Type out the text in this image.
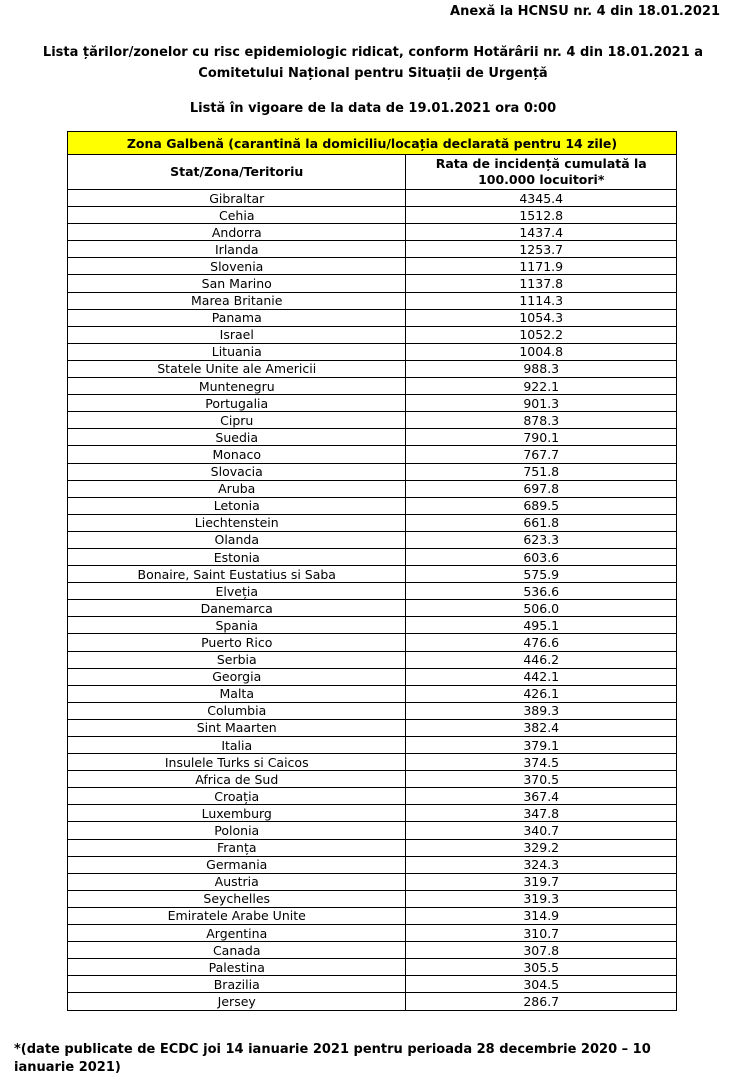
Anexă la HCNSU nr. 4 din 18.01.2021
Lista țărilor/zonelor cu risc epidemiologic ridicat, conform Hotărârii nr. 4 din 18.01.2021 a
Comitetului Național pentru Situații de Urgență
Listă în vigoare de la data de 19.01.2021 ora 0:00
Zona Galbenă (carantină la domiciliu/locația declarată pentru 14 zile)	
Stat/Zona/Teritoriu	Rata de incidență cumulată la
100.000 locuitori*

Gibraltar	4345.4
Cehia	1512.8
Andorra	1437.4
Irlanda	1253.7
Slovenia	1171.9
San Marino	1137.8
Marea Britanie	1114.3
Panama	1054.3
Israel	1052.2
Lituania	1004.8
Statele Unite ale Americii	988.3
Muntenegru	922.1
Portugalia	901.3
Cipru	878.3
Suedia	790.1
Monaco	767.7
Slovacia	751.8
Aruba	697.8
Letonia	689.5
Liechtenstein	661.8
Olanda	623.3
Estonia	603.6
Bonaire, Saint Eustatius si Saba	575.9
Elveția	536.6
Danemarca	506.0
Spania	495.1
Puerto Rico	476.6
Serbia	446.2
Georgia	442.1
Malta	426.1
Columbia	389.3
Sint Maarten	382.4
Italia	379.1
Insulele Turks si Caicos	374.5
Africa de Sud	370.5
Croația	367.4
Luxemburg	347.8
Polonia	340.7
Franța	329.2
Germania	324.3
Austria	319.7
Seychelles	319.3
Emiratele Arabe Unite	314.9
Argentina	310.7
Canada	307.8
Palestina	305.5
Brazilia	304.5
Jersey	286.7
*(date publicate de ECDC joi 14 ianuarie 2021 pentru perioada 28 decembrie 2020 – 10
ianuarie 2021)
